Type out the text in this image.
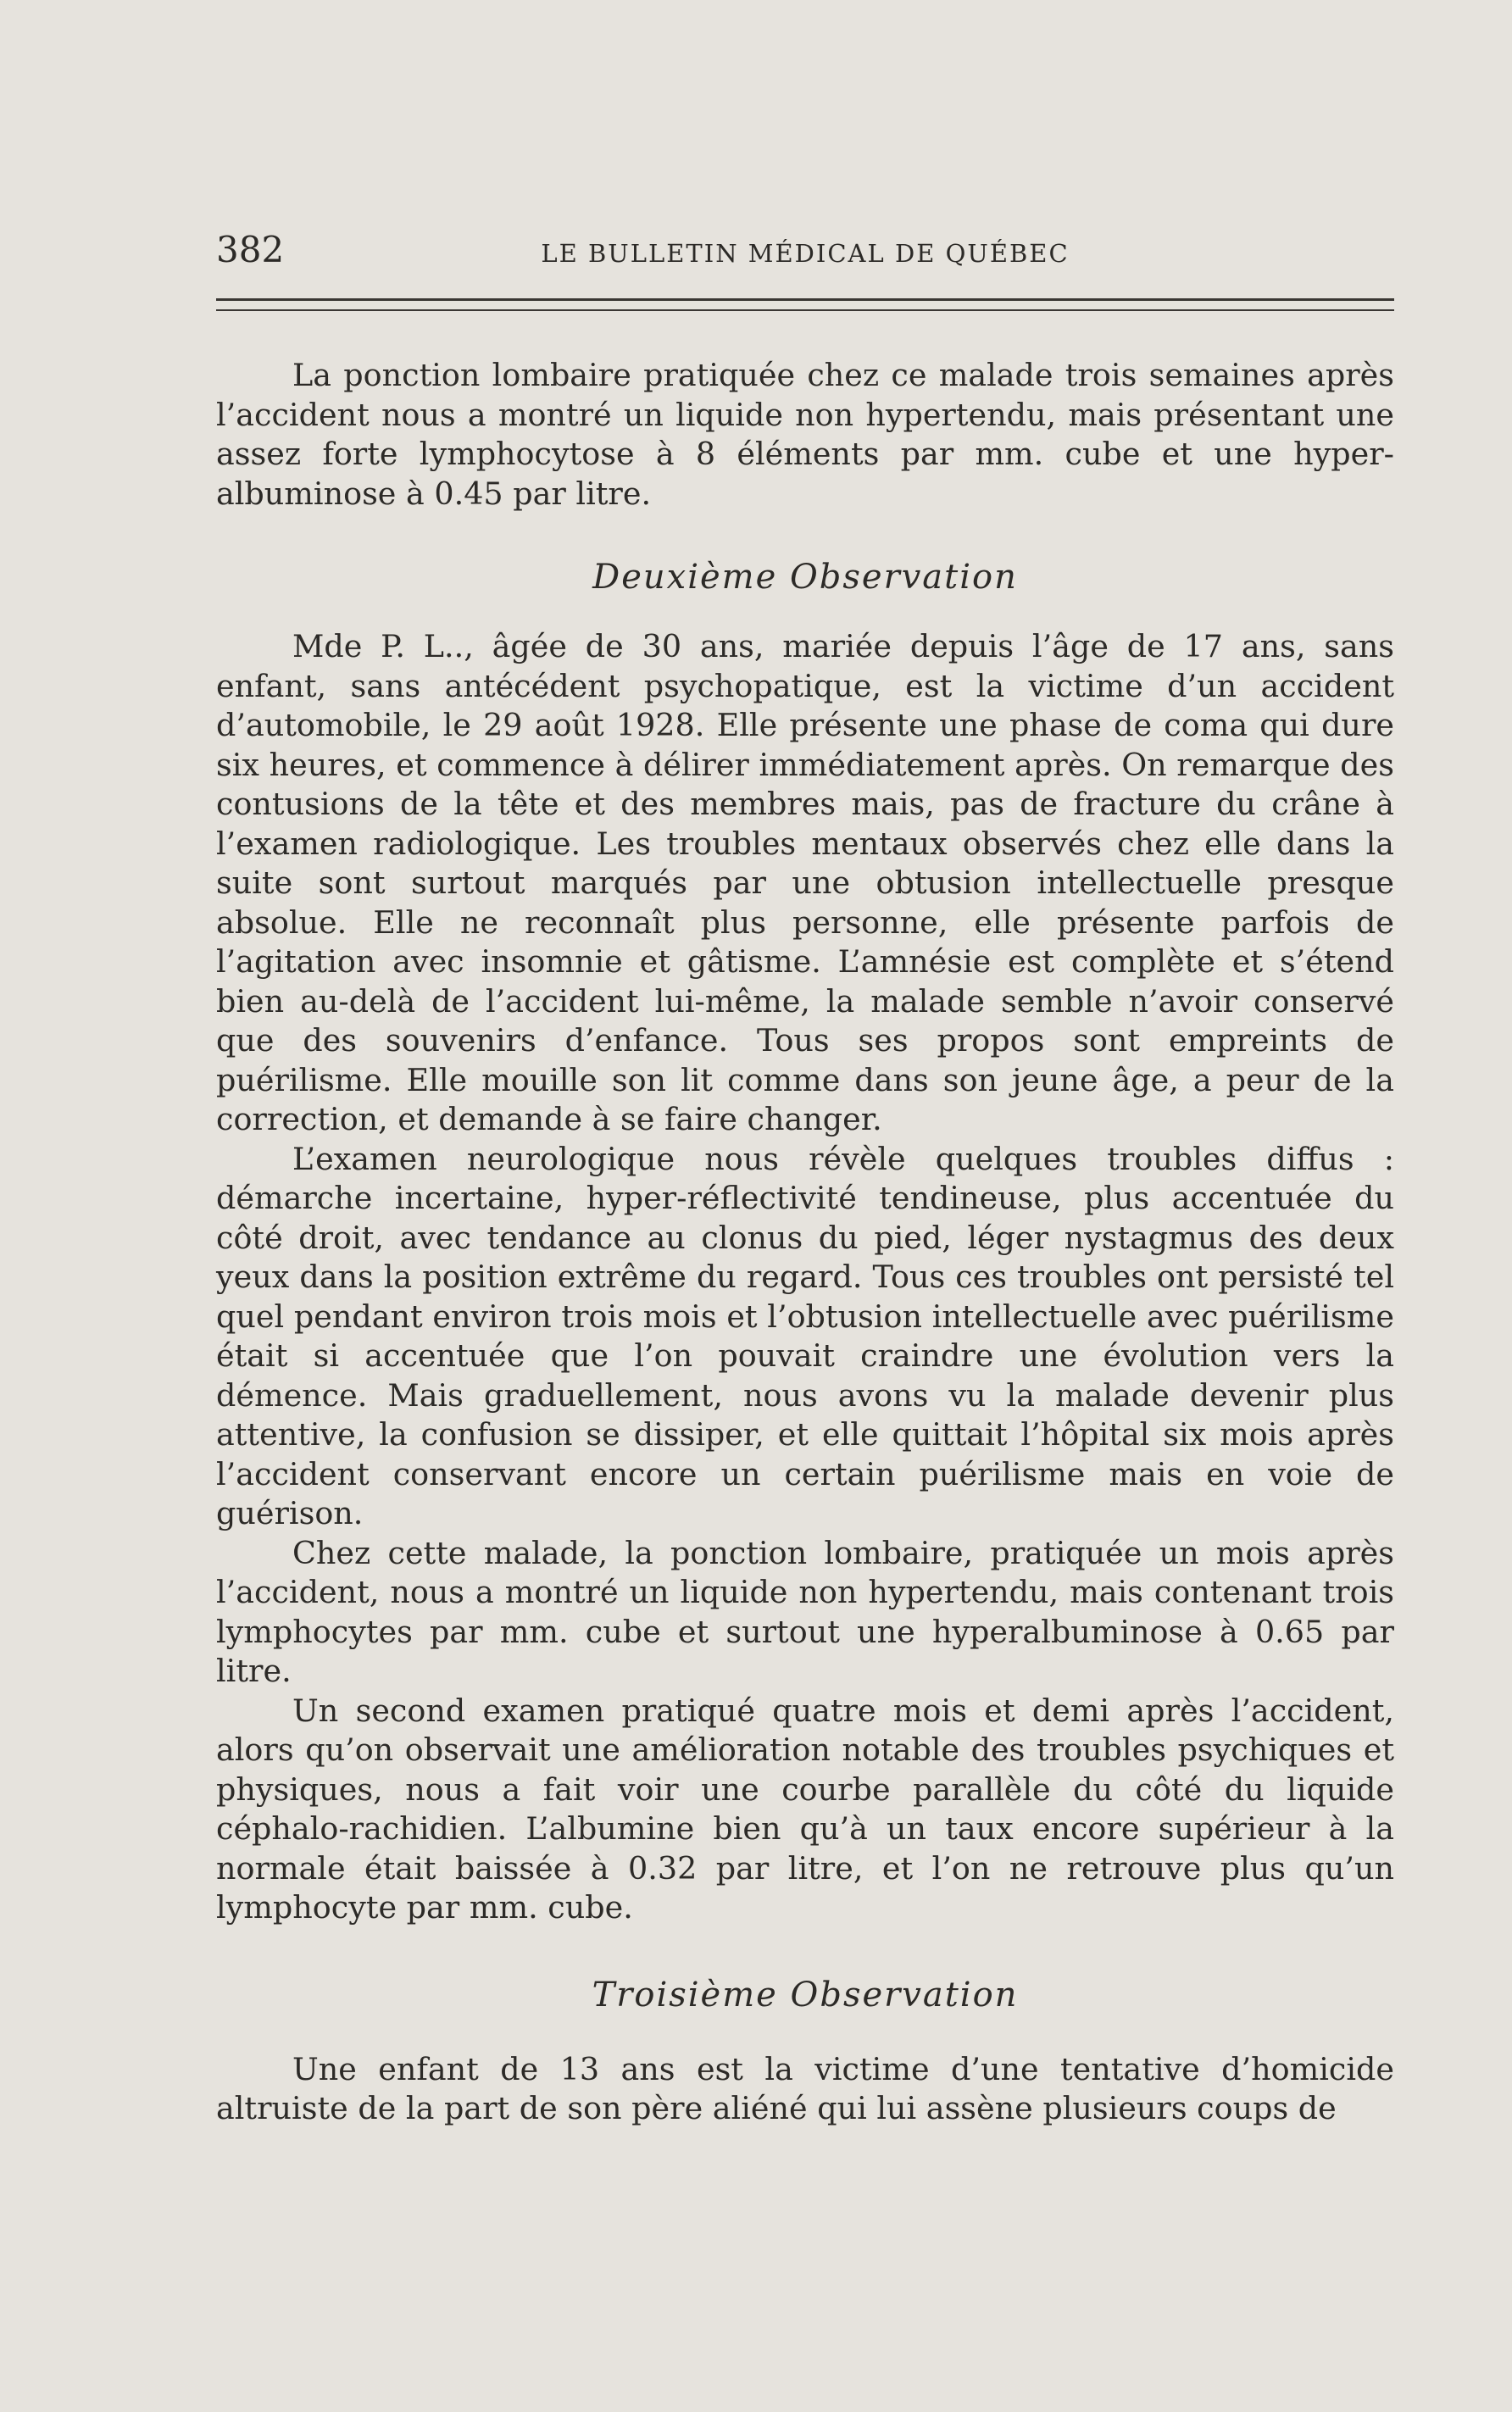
382	LE BULLETIN MÉDICAL DE QUÉBEC

La ponction lombaire pratiquée chez ce malade trois semaines après l’accident nous a montré un liquide non hypertendu, mais présentant une assez forte lymphocytose à 8 éléments par mm. cube et une hyper-albuminose à 0.45 par litre.

Deuxième Observation

Mde P. L.., âgée de 30 ans, mariée depuis l’âge de 17 ans, sans enfant, sans antécédent psychopatique, est la victime d’un accident d’automobile, le 29 août 1928. Elle présente une phase de coma qui dure six heures, et commence à délirer immédiatement après. On remarque des contusions de la tête et des membres mais, pas de fracture du crâne à l’examen radiologique. Les troubles mentaux observés chez elle dans la suite sont surtout marqués par une obtusion intellectuelle presque absolue. Elle ne reconnaît plus personne, elle présente parfois de l’agitation avec insomnie et gâtisme. L’amnésie est complète et s’étend bien au-delà de l’accident lui-même, la malade semble n’avoir conservé que des souvenirs d’enfance. Tous ses propos sont empreints de puérilisme. Elle mouille son lit comme dans son jeune âge, a peur de la correction, et demande à se faire changer.

L’examen neurologique nous révèle quelques troubles diffus : démarche incertaine, hyper-réflectivité tendineuse, plus accentuée du côté droit, avec tendance au clonus du pied, léger nystagmus des deux yeux dans la position extrême du regard. Tous ces troubles ont persisté tel quel pendant environ trois mois et l’obtusion intellectuelle avec puérilisme était si accentuée que l’on pouvait craindre une évolution vers la démence. Mais graduellement, nous avons vu la malade devenir plus attentive, la confusion se dissiper, et elle quittait l’hôpital six mois après l’accident conservant encore un certain puérilisme mais en voie de guérison.

Chez cette malade, la ponction lombaire, pratiquée un mois après l’accident, nous a montré un liquide non hypertendu, mais contenant trois lymphocytes par mm. cube et surtout une hyperalbuminose à 0.65 par litre.

Un second examen pratiqué quatre mois et demi après l’accident, alors qu’on observait une amélioration notable des troubles psychiques et physiques, nous a fait voir une courbe parallèle du côté du liquide céphalo-rachidien. L’albumine bien qu’à un taux encore supérieur à la normale était baissée à 0.32 par litre, et l’on ne retrouve plus qu’un lymphocyte par mm. cube.

Troisième Observation

Une enfant de 13 ans est la victime d’une tentative d’homicide altruiste de la part de son père aliéné qui lui assène plusieurs coups de
